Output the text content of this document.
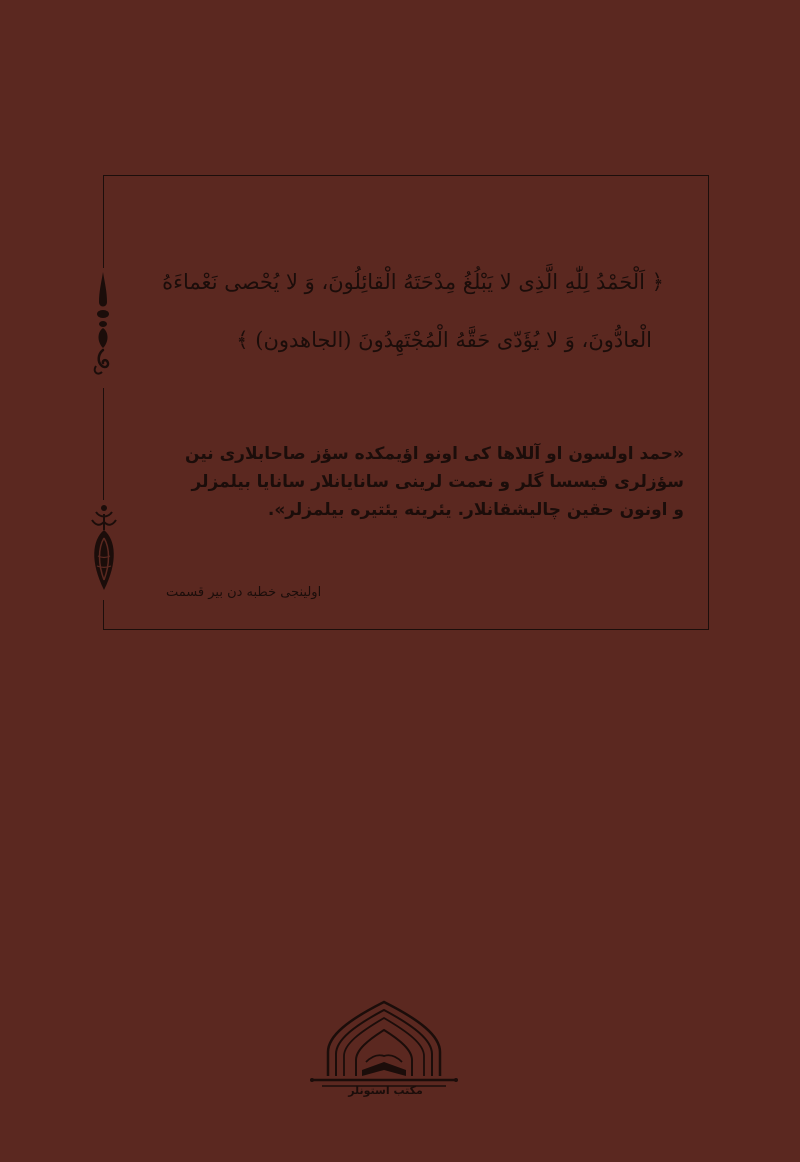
﴿ اَلْحَمْدُ لِلّٰهِ الَّذِی لا یَبْلُغُ مِدْحَتَهُ الْقائِلُونَ، وَ لا یُحْصی نَعْماءَهُ
الْعادُّونَ، وَ لا یُؤَدّی حَقَّهُ الْمُجْتَهِدُونَ (الجاهدون) ﴾

«حمد اولسون او آللاها کی اونو اؤیمکده سؤز صاحابلاری نین

سؤزلری قیسسا گلر و نعمت لرینی سانایانلار سانایا بیلمزلر

و اونون حقین چالیشقانلار. یئرینه یئتیره بیلمزلر».

اولینجی خطبه دن بیر قسمت
مکتب استونلر
